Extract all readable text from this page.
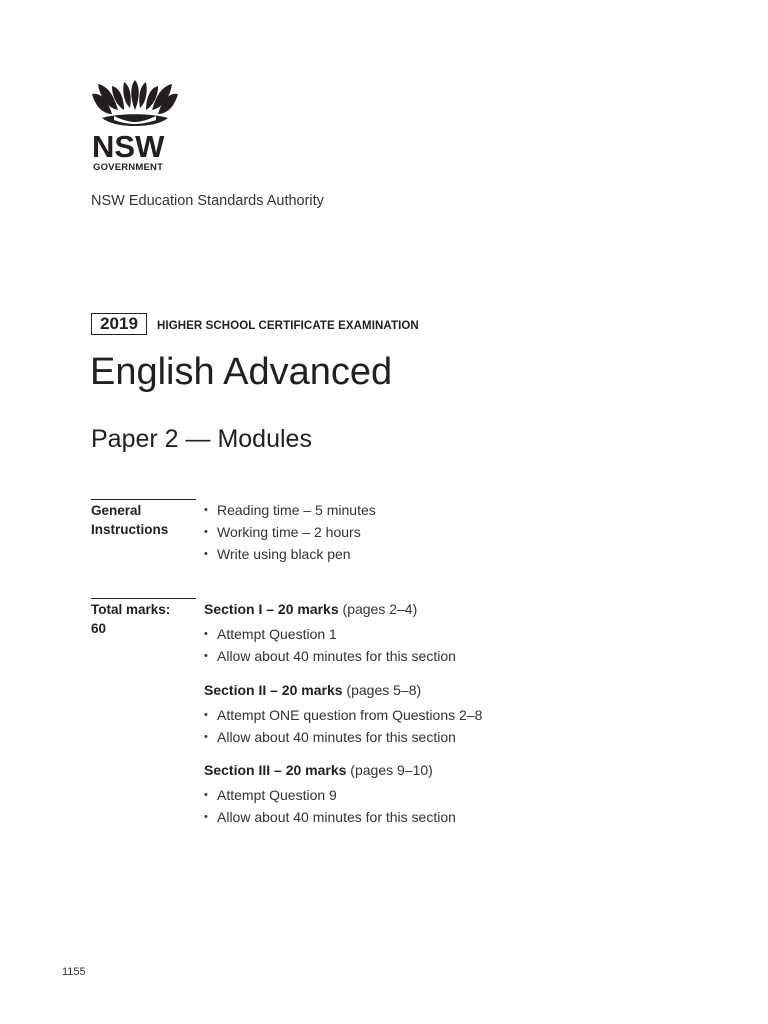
NSW
GOVERNMENT
NSW Education Standards Authority
2019	HIGHER SCHOOL CERTIFICATE EXAMINATION
English Advanced
Paper 2 — Modules
General
Instructions
• Reading time – 5 minutes
• Working time – 2 hours
• Write using black pen
Total marks:
60
Section I – 20 marks (pages 2–4)
• Attempt Question 1
• Allow about 40 minutes for this section
Section II – 20 marks (pages 5–8)
• Attempt ONE question from Questions 2–8
• Allow about 40 minutes for this section
Section III – 20 marks (pages 9–10)
• Attempt Question 9
• Allow about 40 minutes for this section
1155
